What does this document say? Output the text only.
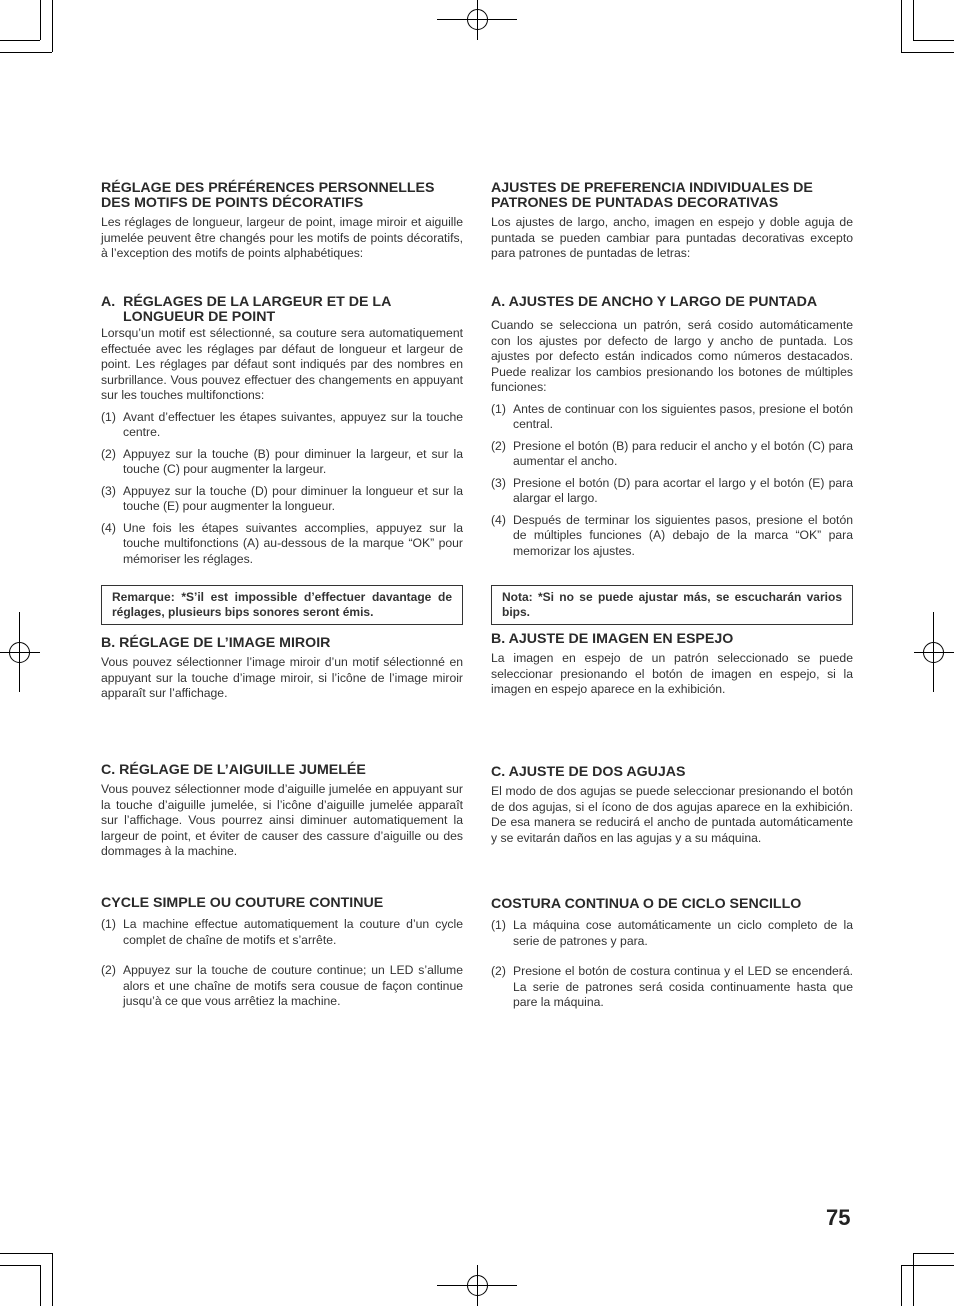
RÉGLAGE DES PRÉFÉRENCES PERSONNELLES DES MOTIFS DE POINTS DÉCORATIFS

Les réglages de longueur, largeur de point, image miroir et aiguille jumelée peuvent être changés pour les motifs de points décoratifs, à l’exception des motifs de points alphabétiques:

A.  RÉGLAGES DE LA LARGEUR ET DE LA LONGUEUR DE POINT

Lorsqu’un motif est sélectionné, sa couture sera automatiquement effectuée avec les réglages par défaut de longueur et largeur de point. Les réglages par défaut sont indiqués par des nombres en surbrillance. Vous pouvez effectuer des changements en appuyant sur les touches multifonctions:

(1) Avant d’effectuer les étapes suivantes, appuyez sur la touche centre.
(2) Appuyez sur la touche (B) pour diminuer la largeur, et sur la touche (C) pour augmenter la largeur.
(3) Appuyez sur la touche (D) pour diminuer la longueur et sur la touche (E) pour augmenter la longueur.
(4) Une fois les étapes suivantes accomplies, appuyez sur la touche multifonctions (A) au-dessous de la marque “OK” pour mémoriser les réglages.
Remarque: *S’il est impossible d’effectuer davantage de réglages, plusieurs bips sonores seront émis.

B. RÉGLAGE DE L’IMAGE MIROIR

Vous pouvez sélectionner l’image miroir d’un motif sélectionné en appuyant sur la touche d’image miroir, si l’icône de l’image miroir apparaît sur l’affichage.

C. RÉGLAGE DE L’AIGUILLE JUMELÉE

Vous pouvez sélectionner mode d’aiguille jumelée en appuyant sur la touche d’aiguille jumelée, si l’icône d’aiguille jumelée apparaît sur l’affichage. Vous pourrez ainsi diminuer automatiquement la largeur de point, et éviter de causer des cassure d’aiguille ou des dommages à la machine.

CYCLE SIMPLE OU COUTURE CONTINUE

(1) La machine effectue automatiquement la couture d’un cycle complet de chaîne de motifs et s’arrête.
(2) Appuyez sur la touche de couture continue; un LED s’allume alors et une chaîne de motifs sera cousue de façon continue jusqu’à ce que vous arrêtiez la machine.

AJUSTES DE PREFERENCIA INDIVIDUALES DE PATRONES DE PUNTADAS DECORATIVAS

Los ajustes de largo, ancho, imagen en espejo y doble aguja de puntada se pueden cambiar para puntadas decorativas excepto para patrones de puntadas de letras:

A. AJUSTES DE ANCHO Y LARGO DE PUNTADA

Cuando se selecciona un patrón, será cosido automáticamente con los ajustes por defecto de largo y ancho de puntada. Los ajustes por defecto están indicados como números destacados. Puede realizar los cambios presionando los botones de múltiples funciones:

(1) Antes de continuar con los siguientes pasos, presione el botón central.
(2) Presione el botón (B) para reducir el ancho y el botón (C) para aumentar el ancho.
(3) Presione el botón (D) para acortar el largo y el botón (E) para alargar el largo.
(4) Después de terminar los siguientes pasos, presione el botón de múltiples funciones (A) debajo de la marca “OK” para memorizar los ajustes.
Nota: *Si no se puede ajustar más, se escucharán varios bips.

B. AJUSTE DE IMAGEN EN ESPEJO

La imagen en espejo de un patrón seleccionado se puede seleccionar presionando el botón de imagen en espejo, si la imagen en espejo aparece en la exhibición.

C. AJUSTE DE DOS AGUJAS

El modo de dos agujas se puede seleccionar presionando el botón de dos agujas, si el ícono de dos agujas aparece en la exhibición. De esa manera se reducirá el ancho de puntada automáticamente y se evitarán daños en las agujas y a su máquina.

COSTURA CONTINUA O DE CICLO SENCILLO

(1) La máquina cose automáticamente un ciclo completo de la serie de patrones y para.
(2) Presione el botón de costura continua y el LED se encenderá. La serie de patrones será cosida continuamente hasta que pare la máquina.
75
